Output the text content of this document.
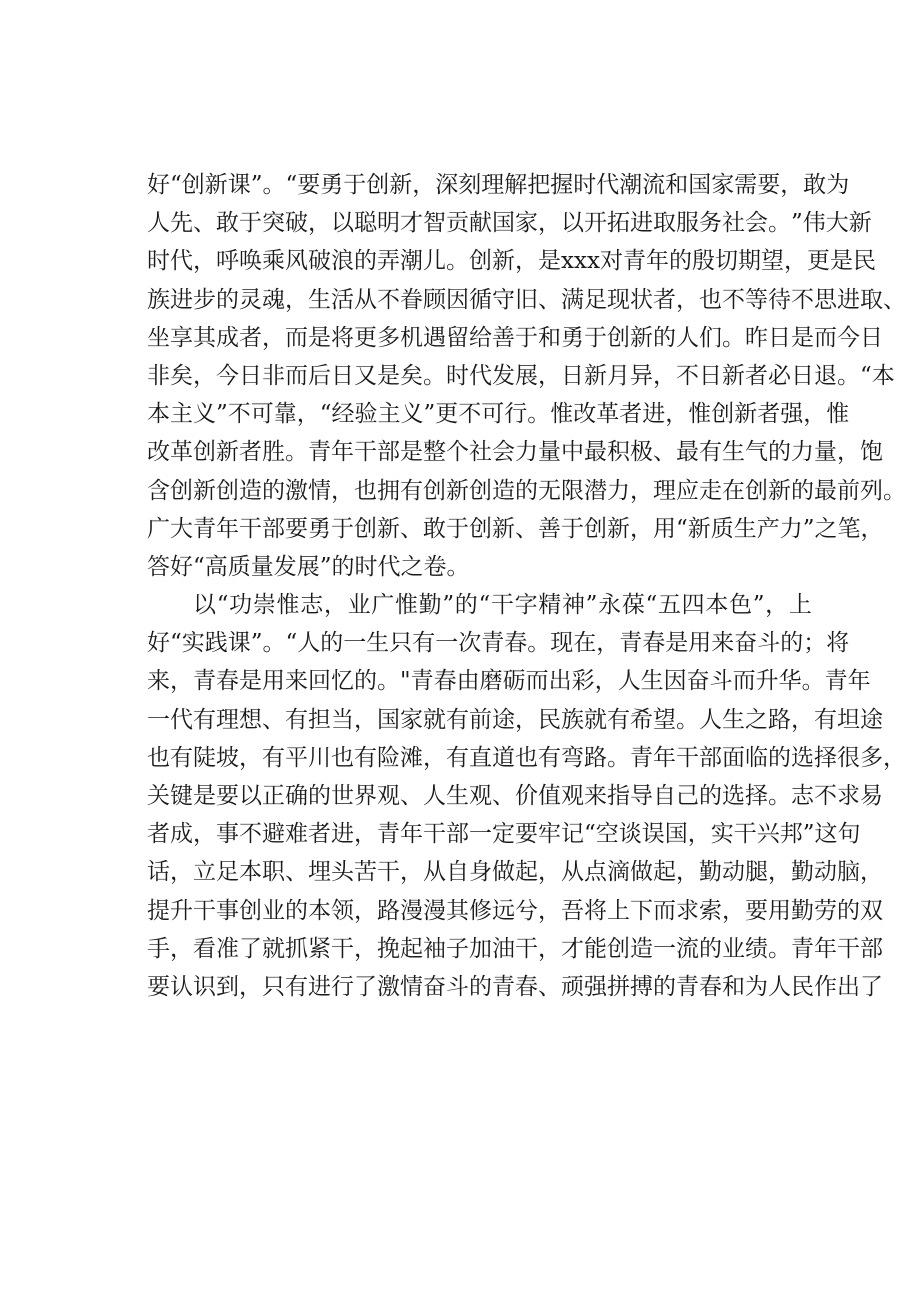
好 “ 创 新 课 ” 。 “ 要 勇 于 创 新 ， 深 刻 理 解 把 握 时 代 潮 流 和 国 家 需 要 ， 敢 为
人 先 、 敢 于 突 破 ， 以 聪 明 才 智 贡 献 国 家 ， 以 开 拓 进 取 服 务 社 会 。 ” 伟 大 新
时 代 ， 呼 唤 乘 风 破 浪 的 弄 潮 儿 。 创 新 ， 是 x x x 对 青 年 的 殷 切 期 望 ， 更 是 民
族 进 步 的 灵 魂 ， 生 活 从 不 眷 顾 因 循 守 旧 、 满 足 现 状 者 ， 也 不 等 待 不 思 进 取 、
坐 享 其 成 者 ， 而 是 将 更 多 机 遇 留 给 善 于 和 勇 于 创 新 的 人 们 。 昨 日 是 而 今 日
非 矣 ， 今 日 非 而 后 日 又 是 矣 。 时 代 发 展 ， 日 新 月 异 ， 不 日 新 者 必 日 退 。 “ 本
本 主 义 ” 不 可 靠 ， “ 经 验 主 义 ” 更 不 可 行 。 惟 改 革 者 进 ， 惟 创 新 者 强 ， 惟
改 革 创 新 者 胜 。 青 年 干 部 是 整 个 社 会 力 量 中 最 积 极 、 最 有 生 气 的 力 量 ， 饱
含 创 新 创 造 的 激 情 ， 也 拥 有 创 新 创 造 的 无 限 潜 力 ， 理 应 走 在 创 新 的 最 前 列 。
广 大 青 年 干 部 要 勇 于 创 新 、 敢 于 创 新 、 善 于 创 新 ， 用 “ 新 质 生 产 力 ” 之 笔 ，
答好“高质量发展”的时代之卷。
以 “ 功 崇 惟 志 ， 业 广 惟 勤 ” 的 “ 干 字 精 神 ” 永 葆 “ 五 四 本 色 ” ， 上
好 “ 实 践 课 ” 。 “ 人 的 一 生 只 有 一 次 青 春 。 现 在 ， 青 春 是 用 来 奋 斗 的 ； 将
来 ， 青 春 是 用 来 回 忆 的 。 " 青 春 由 磨 砺 而 出 彩 ， 人 生 因 奋 斗 而 升 华 。 青 年
一 代 有 理 想 、 有 担 当 ， 国 家 就 有 前 途 ， 民 族 就 有 希 望 。 人 生 之 路 ， 有 坦 途
也 有 陡 坡 ， 有 平 川 也 有 险 滩 ， 有 直 道 也 有 弯 路 。 青 年 干 部 面 临 的 选 择 很 多 ，
关 键 是 要 以 正 确 的 世 界 观 、 人 生 观 、 价 值 观 来 指 导 自 己 的 选 择 。 志 不 求 易
者 成 ， 事 不 避 难 者 进 ， 青 年 干 部 一 定 要 牢 记 “ 空 谈 误 国 ， 实 干 兴 邦 ” 这 句
话 ， 立 足 本 职 、 埋 头 苦 干 ， 从 自 身 做 起 ， 从 点 滴 做 起 ， 勤 动 腿 ， 勤 动 脑 ，
提 升 干 事 创 业 的 本 领 ， 路 漫 漫 其 修 远 兮 ， 吾 将 上 下 而 求 索 ， 要 用 勤 劳 的 双
手 ， 看 准 了 就 抓 紧 干 ， 挽 起 袖 子 加 油 干 ， 才 能 创 造 一 流 的 业 绩 。 青 年 干 部
要 认 识 到 ， 只 有 进 行 了 激 情 奋 斗 的 青 春 、 顽 强 拼 搏 的 青 春 和 为 人 民 作 出 了
